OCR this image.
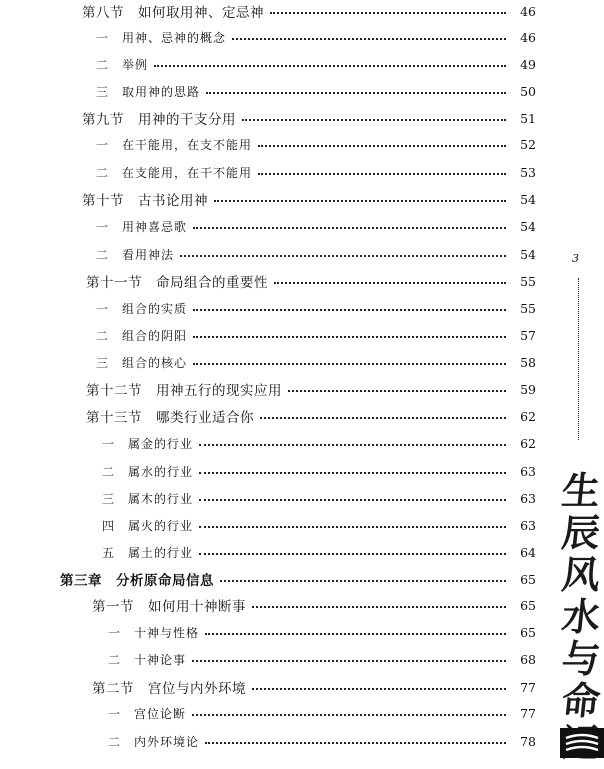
第八节　如何取用神、定忌神	46
一　用神、忌神的概念	46
二　举例	49
三　取用神的思路	50
第九节　用神的干支分用	51
一　在干能用，在支不能用	52
二　在支能用，在干不能用	53
第十节　古书论用神	54
一　用神喜忌歌	54
二　看用神法	54
第十一节　命局组合的重要性	55
一　组合的实质	55
二　组合的阴阳	57
三　组合的核心	58
第十二节　用神五行的现实应用	59
第十三节　哪类行业适合你	62
一　属金的行业	62
二　属水的行业	63
三　属木的行业	63
四　属火的行业	63
五　属土的行业	64
第三章　分析原命局信息	65
第一节　如何用十神断事	65
一　十神与性格	65
二　十神论事	68
第二节　宫位与内外环境	77
一　宫位论断	77
二　内外环境论	78
3
生
辰
风
水
与
命
